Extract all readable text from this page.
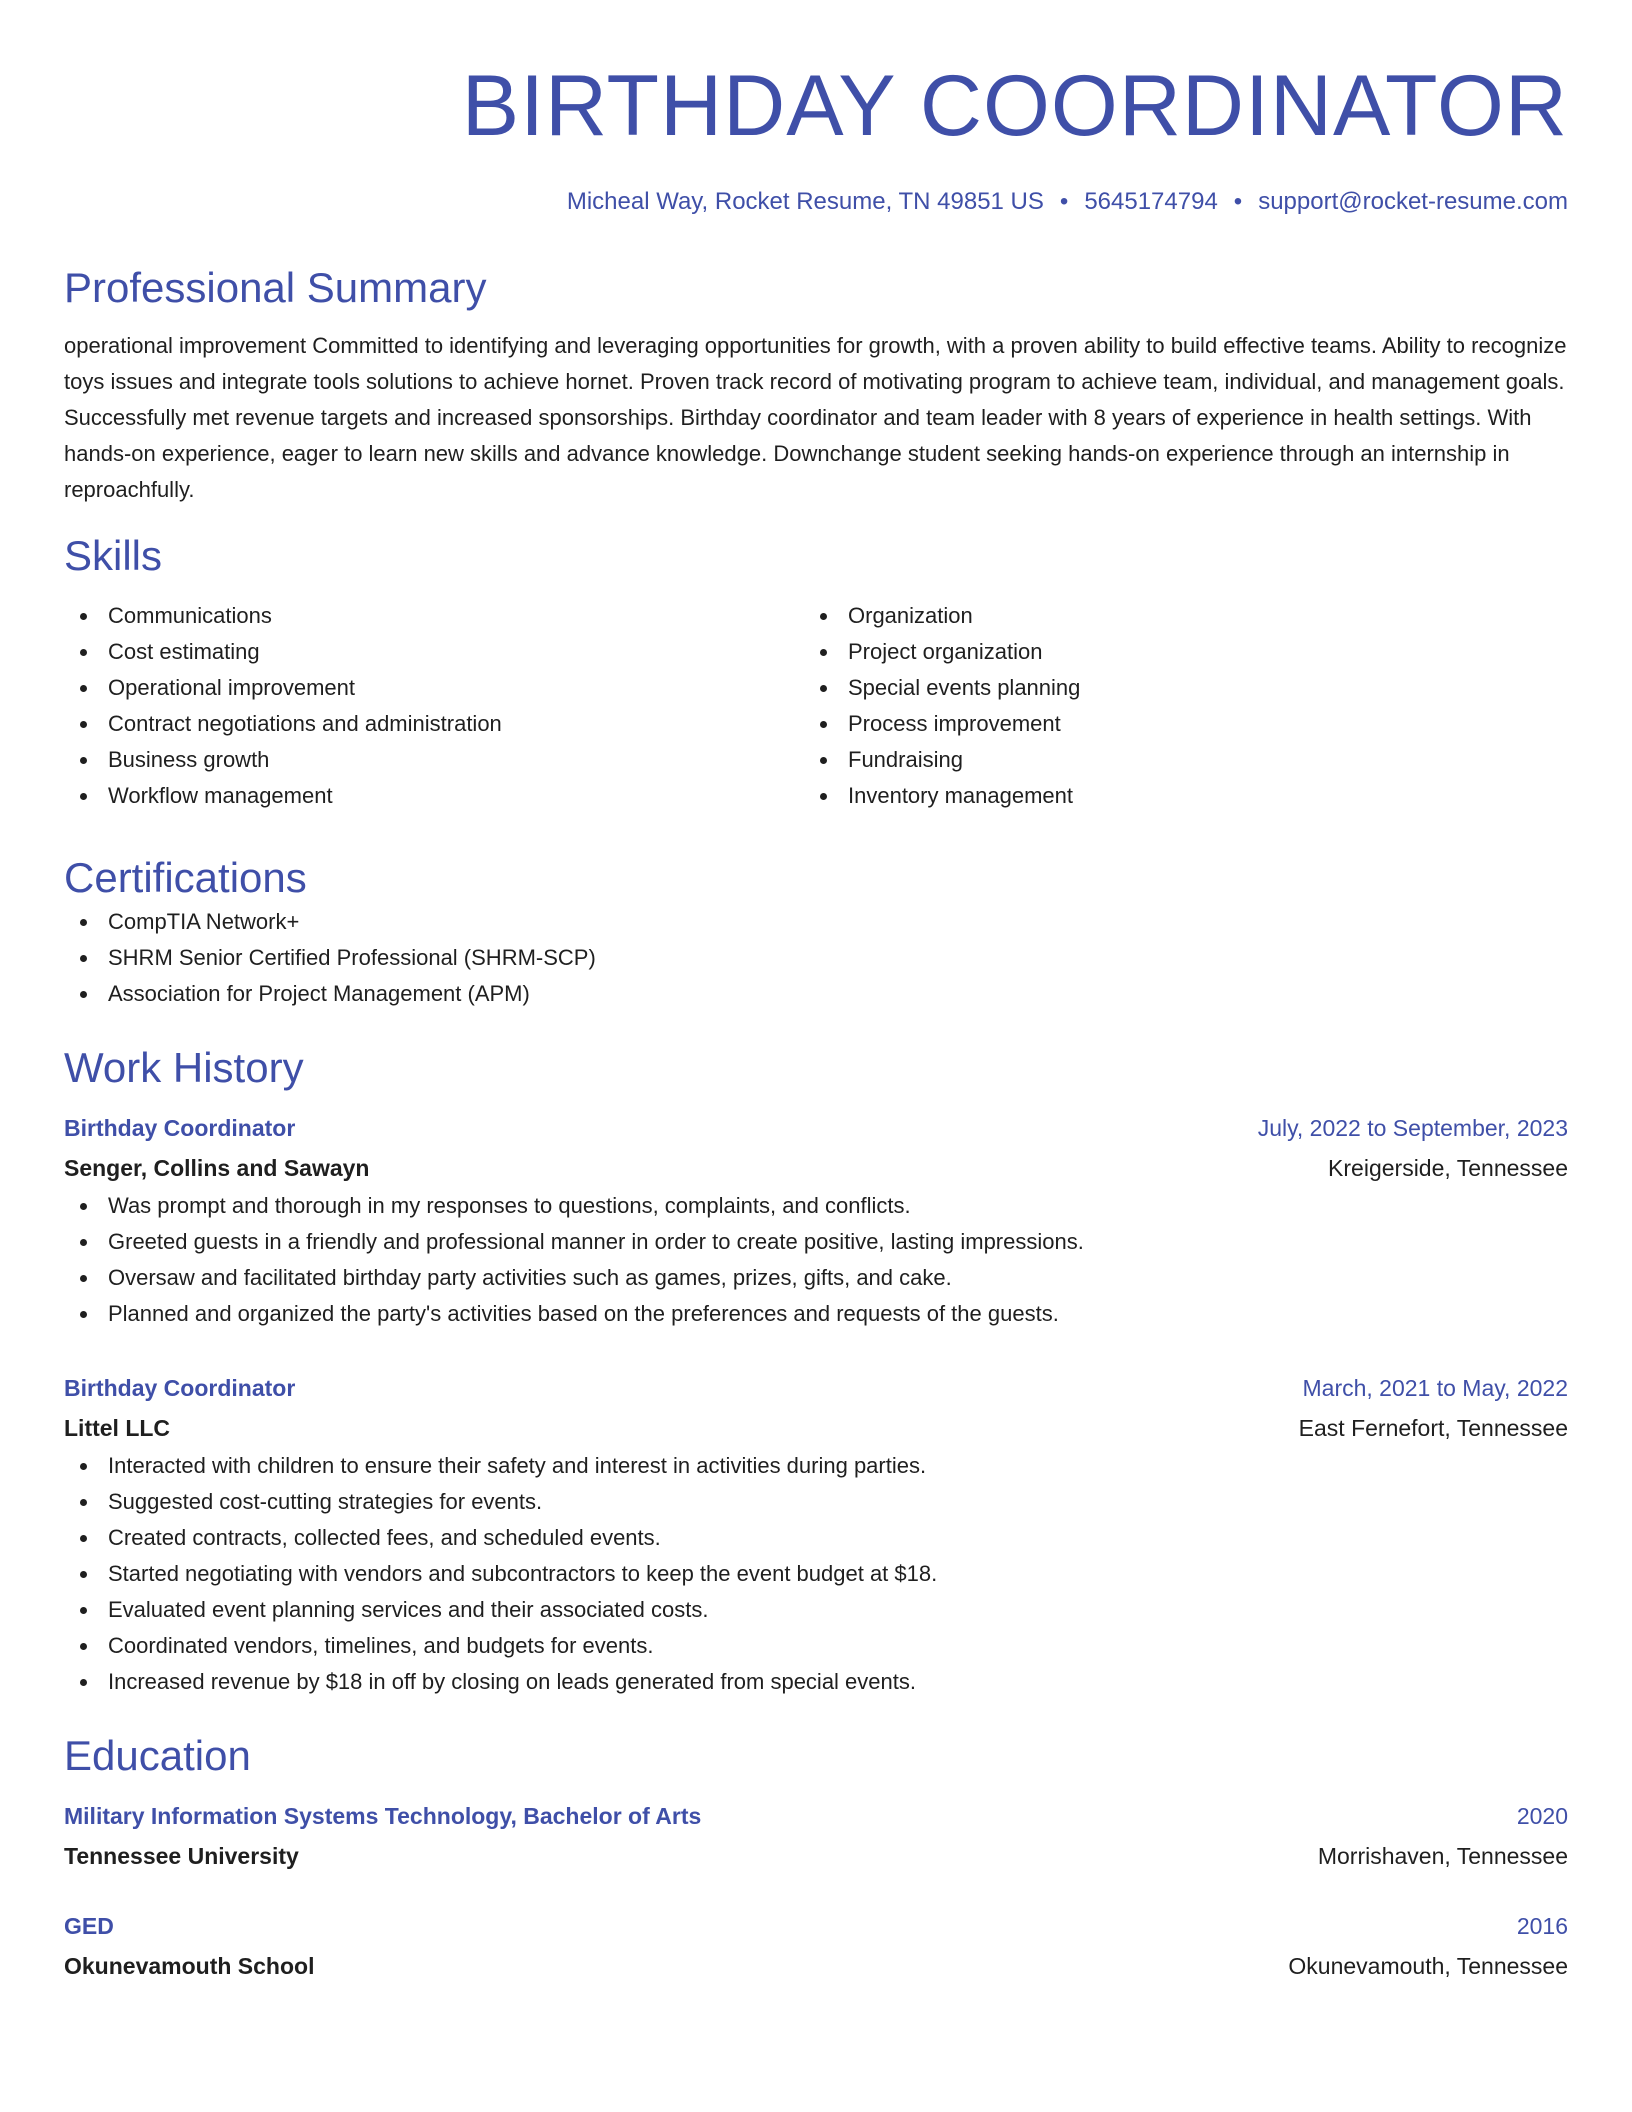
BIRTHDAY COORDINATOR
Micheal Way, Rocket Resume, TN 49851 US • 5645174794 • support@rocket-resume.com
Professional Summary

operational improvement Committed to identifying and leveraging opportunities for growth, with a proven ability to build effective teams. Ability to recognize toys issues and integrate tools solutions to achieve hornet. Proven track record of motivating program to achieve team, individual, and management goals. Successfully met revenue targets and increased sponsorships. Birthday coordinator and team leader with 8 years of experience in health settings. With hands-on experience, eager to learn new skills and advance knowledge. Downchange student seeking hands-on experience through an internship in reproachfully.

Skills
Communications
Cost estimating
Operational improvement
Contract negotiations and administration
Business growth
Workflow management
Organization
Project organization
Special events planning
Process improvement
Fundraising
Inventory management
Certifications
CompTIA Network+
SHRM Senior Certified Professional (SHRM-SCP)
Association for Project Management (APM)
Work History
Birthday Coordinator	July, 2022 to September, 2023
Senger, Collins and Sawayn	Kreigerside, Tennessee
Was prompt and thorough in my responses to questions, complaints, and conflicts.
Greeted guests in a friendly and professional manner in order to create positive, lasting impressions.
Oversaw and facilitated birthday party activities such as games, prizes, gifts, and cake.
Planned and organized the party's activities based on the preferences and requests of the guests.
Birthday Coordinator	March, 2021 to May, 2022
Littel LLC	East Fernefort, Tennessee
Interacted with children to ensure their safety and interest in activities during parties.
Suggested cost-cutting strategies for events.
Created contracts, collected fees, and scheduled events.
Started negotiating with vendors and subcontractors to keep the event budget at $18.
Evaluated event planning services and their associated costs.
Coordinated vendors, timelines, and budgets for events.
Increased revenue by $18 in off by closing on leads generated from special events.
Education
Military Information Systems Technology, Bachelor of Arts	2020
Tennessee University	Morrishaven, Tennessee
GED	2016
Okunevamouth School	Okunevamouth, Tennessee
